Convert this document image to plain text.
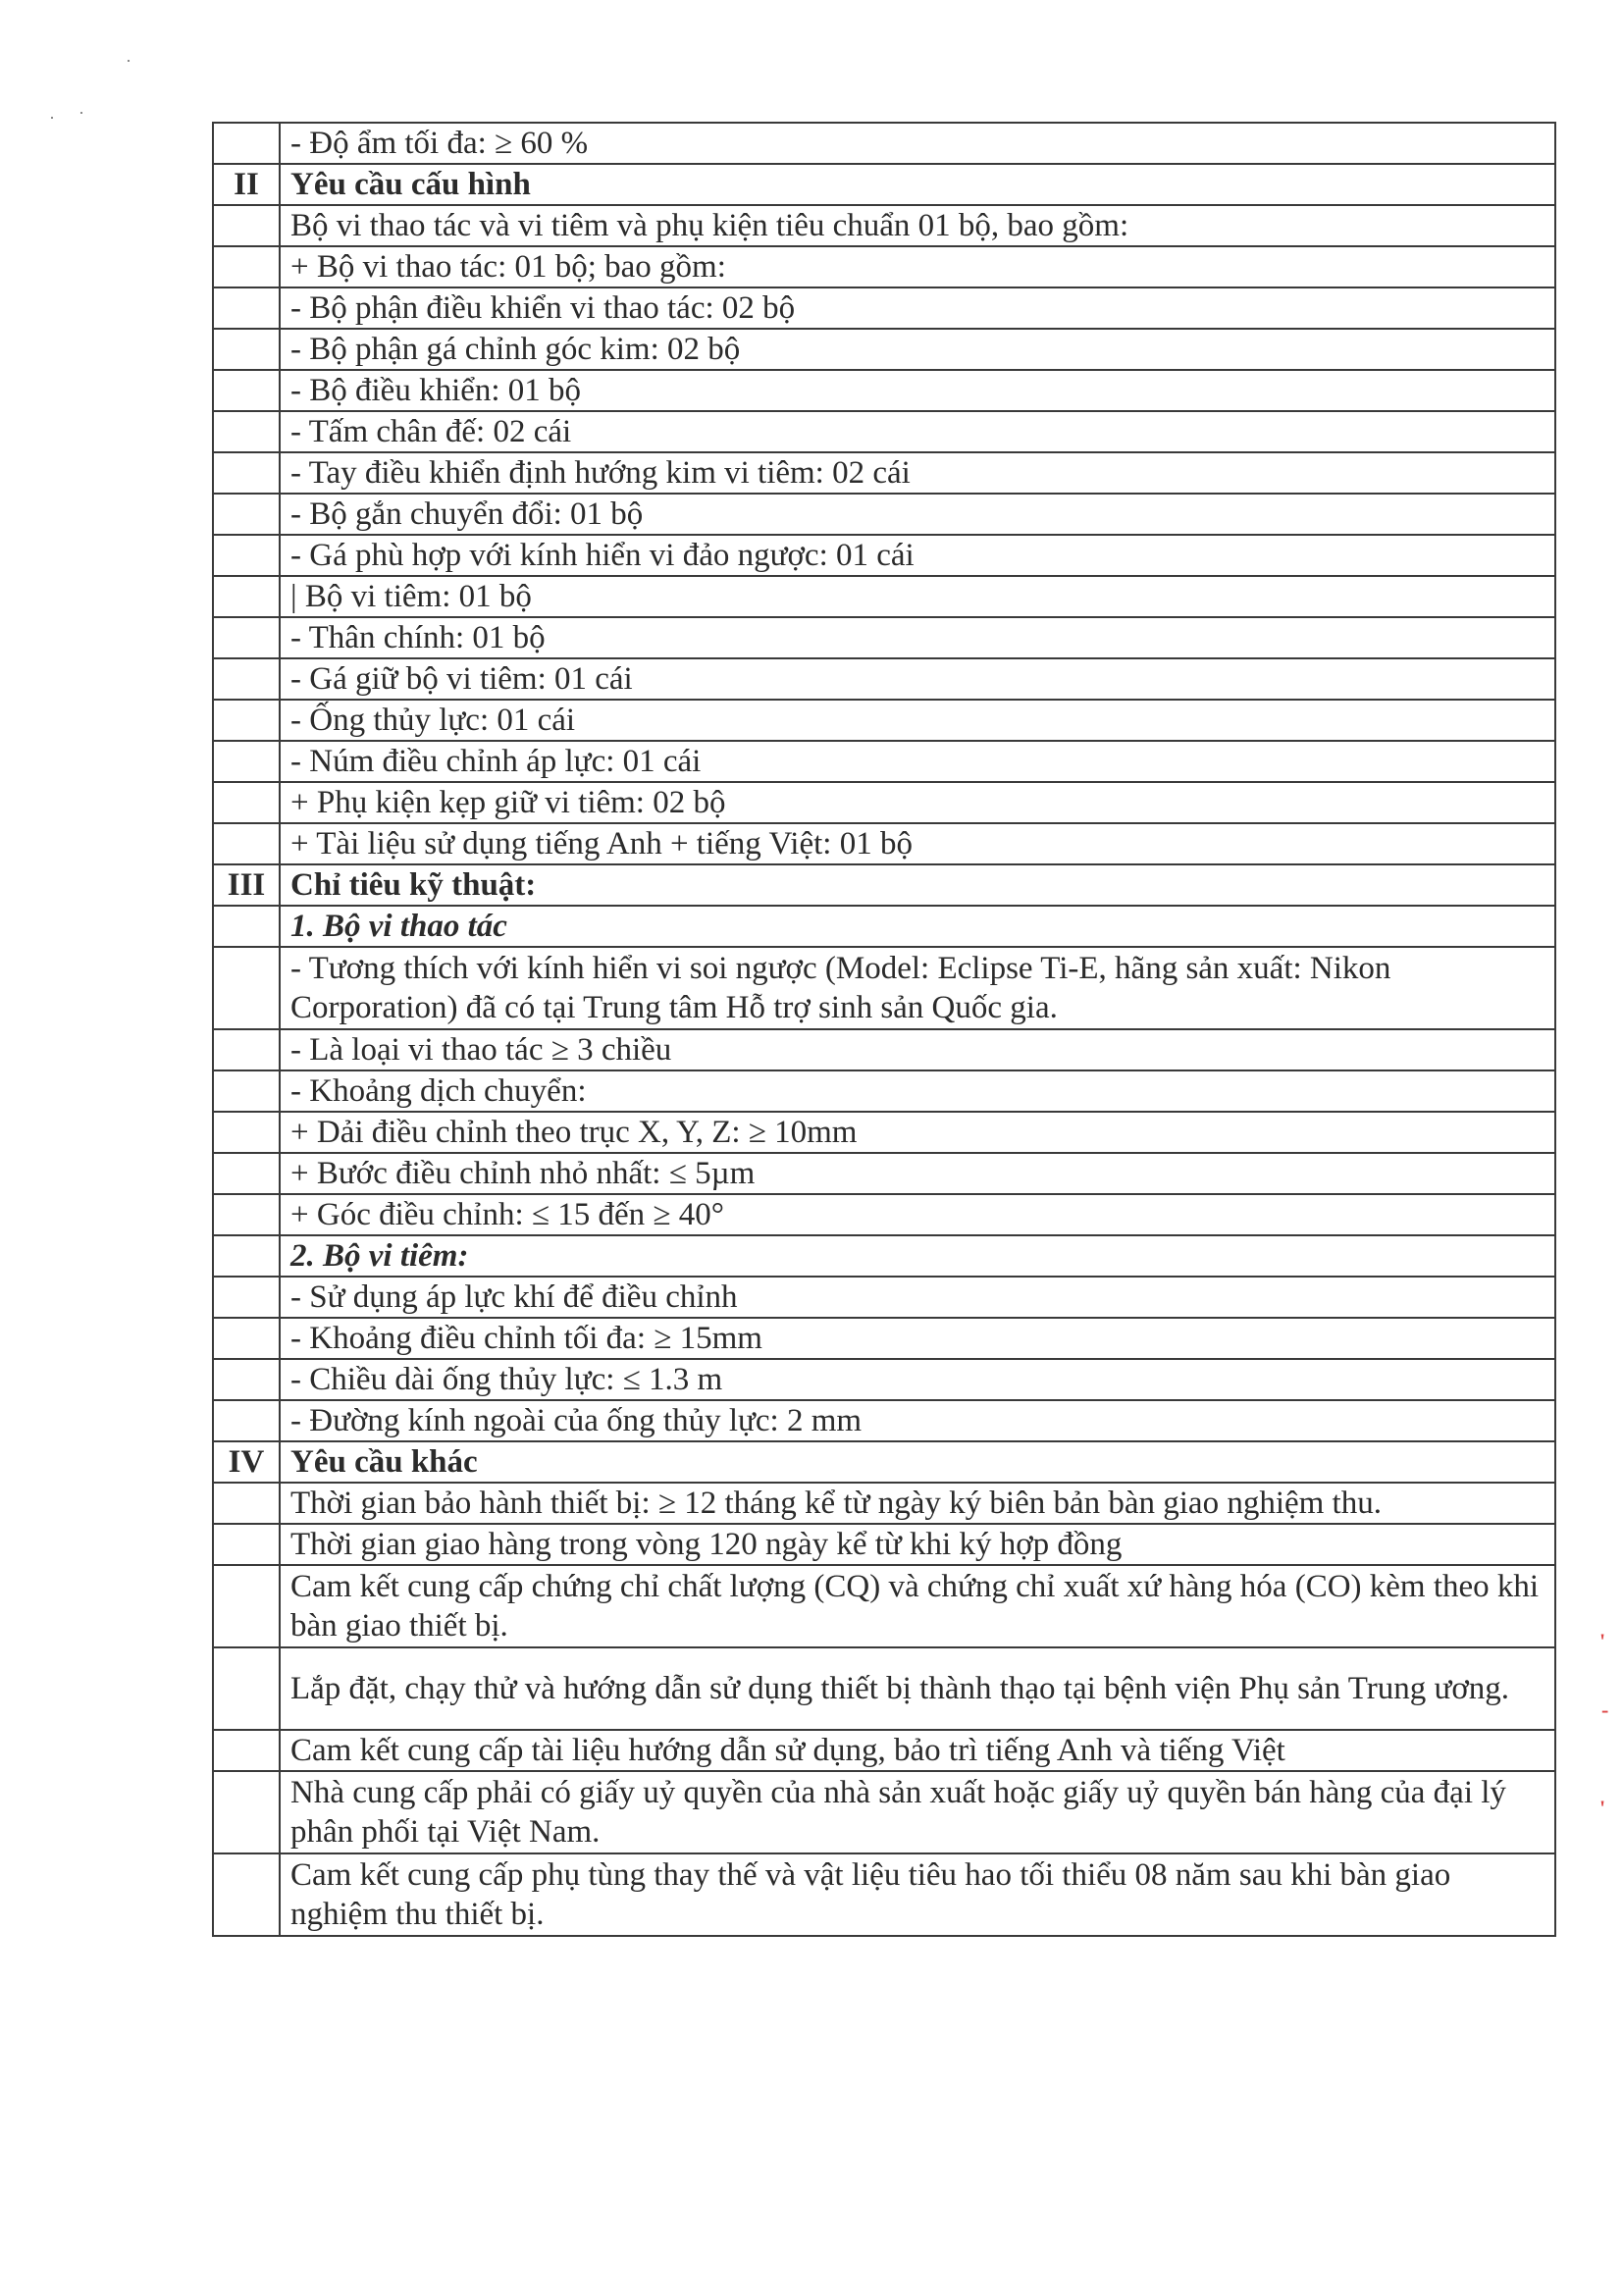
·
· ·
'
-
'
	- Độ ẩm tối đa: ≥ 60 %
II	Yêu cầu cấu hình
	Bộ vi thao tác và vi tiêm và phụ kiện tiêu chuẩn 01 bộ, bao gồm:
	+ Bộ vi thao tác: 01 bộ; bao gồm:
	- Bộ phận điều khiển vi thao tác: 02 bộ
	- Bộ phận gá chỉnh góc kim: 02 bộ
	- Bộ điều khiển: 01 bộ
	- Tấm chân đế: 02 cái
	- Tay điều khiển định hướng kim vi tiêm: 02 cái
	- Bộ gắn chuyển đổi: 01 bộ
	- Gá phù hợp với kính hiển vi đảo ngược: 01 cái
	| Bộ vi tiêm: 01 bộ
	- Thân chính: 01 bộ
	- Gá giữ bộ vi tiêm: 01 cái
	- Ống thủy lực: 01 cái
	- Núm điều chỉnh áp lực: 01 cái
	+ Phụ kiện kẹp giữ vi tiêm: 02 bộ
	+ Tài liệu sử dụng tiếng Anh + tiếng Việt: 01 bộ
III	Chỉ tiêu kỹ thuật:
	1. Bộ vi thao tác
	- Tương thích với kính hiển vi soi ngược (Model: Eclipse Ti-E, hãng sản xuất: Nikon Corporation) đã có tại Trung tâm Hỗ trợ sinh sản Quốc gia.
	- Là loại vi thao tác ≥ 3 chiều
	- Khoảng dịch chuyển:
	+ Dải điều chỉnh theo trục X, Y, Z: ≥ 10mm
	+ Bước điều chỉnh nhỏ nhất: ≤ 5µm
	+ Góc điều chỉnh: ≤ 15 đến ≥ 40°
	2. Bộ vi tiêm:
	- Sử dụng áp lực khí để điều chỉnh
	- Khoảng điều chỉnh tối đa: ≥ 15mm
	- Chiều dài ống thủy lực: ≤ 1.3 m
	- Đường kính ngoài của ống thủy lực: 2 mm
IV	Yêu cầu khác
	Thời gian bảo hành thiết bị: ≥ 12 tháng kể từ ngày ký biên bản bàn giao nghiệm thu.
	Thời gian giao hàng trong vòng 120 ngày kể từ khi ký hợp đồng
	Cam kết cung cấp chứng chỉ chất lượng (CQ) và chứng chỉ xuất xứ hàng hóa (CO) kèm theo khi bàn giao thiết bị.
	Lắp đặt, chạy thử và hướng dẫn sử dụng thiết bị thành thạo tại bệnh viện Phụ sản Trung ương.
	Cam kết cung cấp tài liệu hướng dẫn sử dụng, bảo trì tiếng Anh và tiếng Việt
	Nhà cung cấp phải có giấy uỷ quyền của nhà sản xuất hoặc giấy uỷ quyền bán hàng của đại lý phân phối tại Việt Nam.
	Cam kết cung cấp phụ tùng thay thế và vật liệu tiêu hao tối thiểu 08 năm sau khi bàn giao nghiệm thu thiết bị.
